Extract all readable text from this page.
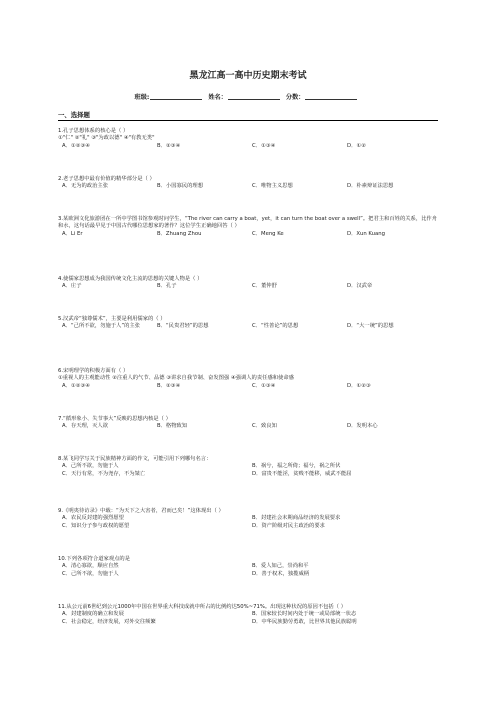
黑龙江高一高中历史期末考试
班级:	姓名：	分数：
一、选择题
1.孔子思想体系的核心是（ ）
①"仁" ②"礼" ③"为政以德" ④"有教无类"
A．①②③④	B．②③④	C．①③④	D．①②
2.老子思想中最有价值的精华部分是（ ）
A．无为的政治主张	B．小国寡民的理想	C．唯物主义思想	D．朴素辩证法思想
3.某欧洲文化旅游团在一所中学图书馆参观时问学生，“The river can carry a boat，yet，it can turn the boat over a swell”。把君主和百姓的关系，比作舟和水，这句话最早见于中国古代哪位思想家的著作？这位学生正确地回答（ ）
A．Li Er	B．Zhuang Zhou	C．Meng Ke	D．Xun Kuang
4.使儒家思想成为我国传统文化主流的思想的关键人物是（ ）
A．庄子	B．孔子	C．董仲舒	D．汉武帝
5.汉武帝“独尊儒术”，主要是利用儒家的（ ）
A．“己所不欲，勿施于人”的主张	B．“民贵君轻”的思想	C．“性善论”的思想	D．“大一统”的思想
6.宋明理学的积极方面有（ ）
①重视人的主观能动性 ②注重人的气节、品德 ③讲求自我节制、奋发图强 ④强调人的责任感和使命感
A．①②③④	B．②③④	C．①③④	D．①②③
7.“循形象小、失节事大”反映的思想内核是（ ）
A．存天理，灭人欲	B．格物致知	C．致良知	D．发明本心
8.某飞同学写关于民族精神方面的作文，可能引用下列哪句名言：
A．己所不欲，勿施于人	B．祸兮，福之所倚；福兮，祸之所伏
C．天行有常，不为尧存，不为桀亡	D．富贵不能淫，贫贱不能移，威武不能屈
9.《明夷待访录》中载：“为天下之大害者，君而已矣！”这体现出（ ）
A．农民反封建的强烈愿望	B．封建社会末期商品经济的发展要求
C．知识分子参与政权的愿望	D．资产阶级对民主政治的要求
10.下列各项符合道家观点的是
A．清心寡欲，顺应自然	B．爱人如己，崇尚和平
C．己所不欲，勿施于人	D．善于权术，独揽威柄
11.从公元前6世纪到公元1000年中国在世界重大科技成就中所占的比例约达50%~71%。出现这种状况的原因不包括（ ）
A．封建制度的确立和发展	B．国家较长时间内处于统一或局部统一状态
C．社会稳定，经济发展，对外交往频繁	D．中华民族勤劳勇敢，比世界其他民族聪明
